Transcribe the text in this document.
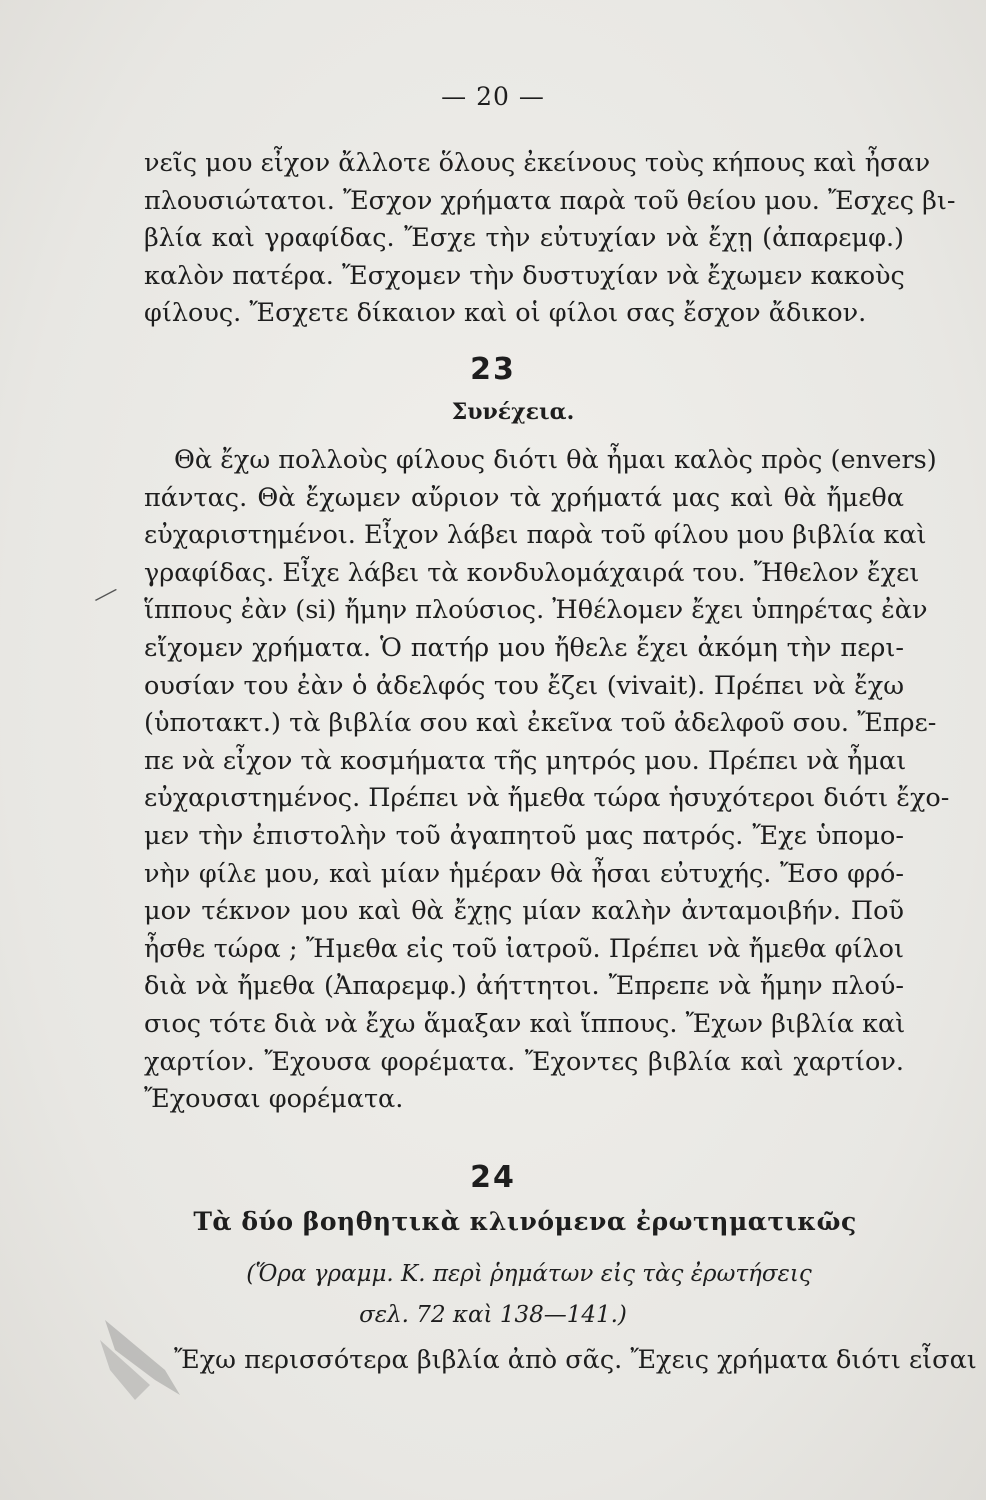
— 20 —
νεῖς μου εἶχον ἄλλοτε ὅλους ἐκείνους τοὺς κήπους καὶ ἦσαν
πλουσιώτατοι. Ἔσχον χρήματα παρὰ τοῦ θείου μου. Ἔσχες βι-
βλία καὶ γραφίδας. Ἔσχε τὴν εὐτυχίαν νὰ ἔχῃ (ἀπαρεμφ.)
καλὸν πατέρα. Ἔσχομεν τὴν δυστυχίαν νὰ ἔχωμεν κακοὺς
φίλους. Ἔσχετε δίκαιον καὶ οἱ φίλοι σας ἔσχον ἄδικον.
23
Συνέχεια.
Θὰ ἔχω πολλοὺς φίλους διότι θὰ ἦμαι καλὸς πρὸς (envers)
πάντας. Θὰ ἔχωμεν αὔριον τὰ χρήματά μας καὶ θὰ ἤμεθα
εὐχαριστημένοι. Εἶχον λάβει παρὰ τοῦ φίλου μου βιβλία καὶ
γραφίδας. Εἶχε λάβει τὰ κονδυλομάχαιρά του. Ἤθελον ἔχει
ἵππους ἐὰν (si) ἤμην πλούσιος. Ἠθέλομεν ἔχει ὑπηρέτας ἐὰν
εἴχομεν χρήματα. Ὁ πατήρ μου ἤθελε ἔχει ἀκόμη τὴν περι-
ουσίαν του ἐὰν ὁ ἀδελφός του ἔζει (vivait). Πρέπει νὰ ἔχω
(ὑποτακτ.) τὰ βιβλία σου καὶ ἐκεῖνα τοῦ ἀδελφοῦ σου. Ἔπρε-
πε νὰ εἶχον τὰ κοσμήματα τῆς μητρός μου. Πρέπει νὰ ἦμαι
εὐχαριστημένος. Πρέπει νὰ ἤμεθα τώρα ἡσυχότεροι διότι ἔχο-
μεν τὴν ἐπιστολὴν τοῦ ἀγαπητοῦ μας πατρός. Ἔχε ὑπομο-
νὴν φίλε μου, καὶ μίαν ἡμέραν θὰ ἦσαι εὐτυχής. Ἔσο φρό-
μον τέκνον μου καὶ θὰ ἔχῃς μίαν καλὴν ἀνταμοιβήν. Ποῦ
ἦσθε τώρα ; Ἤμεθα εἰς τοῦ ἰατροῦ. Πρέπει νὰ ἤμεθα φίλοι
διὰ νὰ ἤμεθα (Ἀπαρεμφ.) ἀήττητοι. Ἔπρεπε νὰ ἤμην πλού-
σιος τότε διὰ νὰ ἔχω ἅμαξαν καὶ ἵππους. Ἔχων βιβλία καὶ
χαρτίον. Ἔχουσα φορέματα. Ἔχοντες βιβλία καὶ χαρτίον.
Ἔχουσαι φορέματα.
24
Τὰ δύο βοηθητικὰ κλινόμενα ἐρωτηματικῶς
(Ὅρα γραμμ. Κ. περὶ ῥημάτων εἰς τὰς ἐρωτήσεις
σελ. 72 καὶ 138—141.)
Ἔχω περισσότερα βιβλία ἀπὸ σᾶς. Ἔχεις χρήματα διότι εἶσαι
╱
